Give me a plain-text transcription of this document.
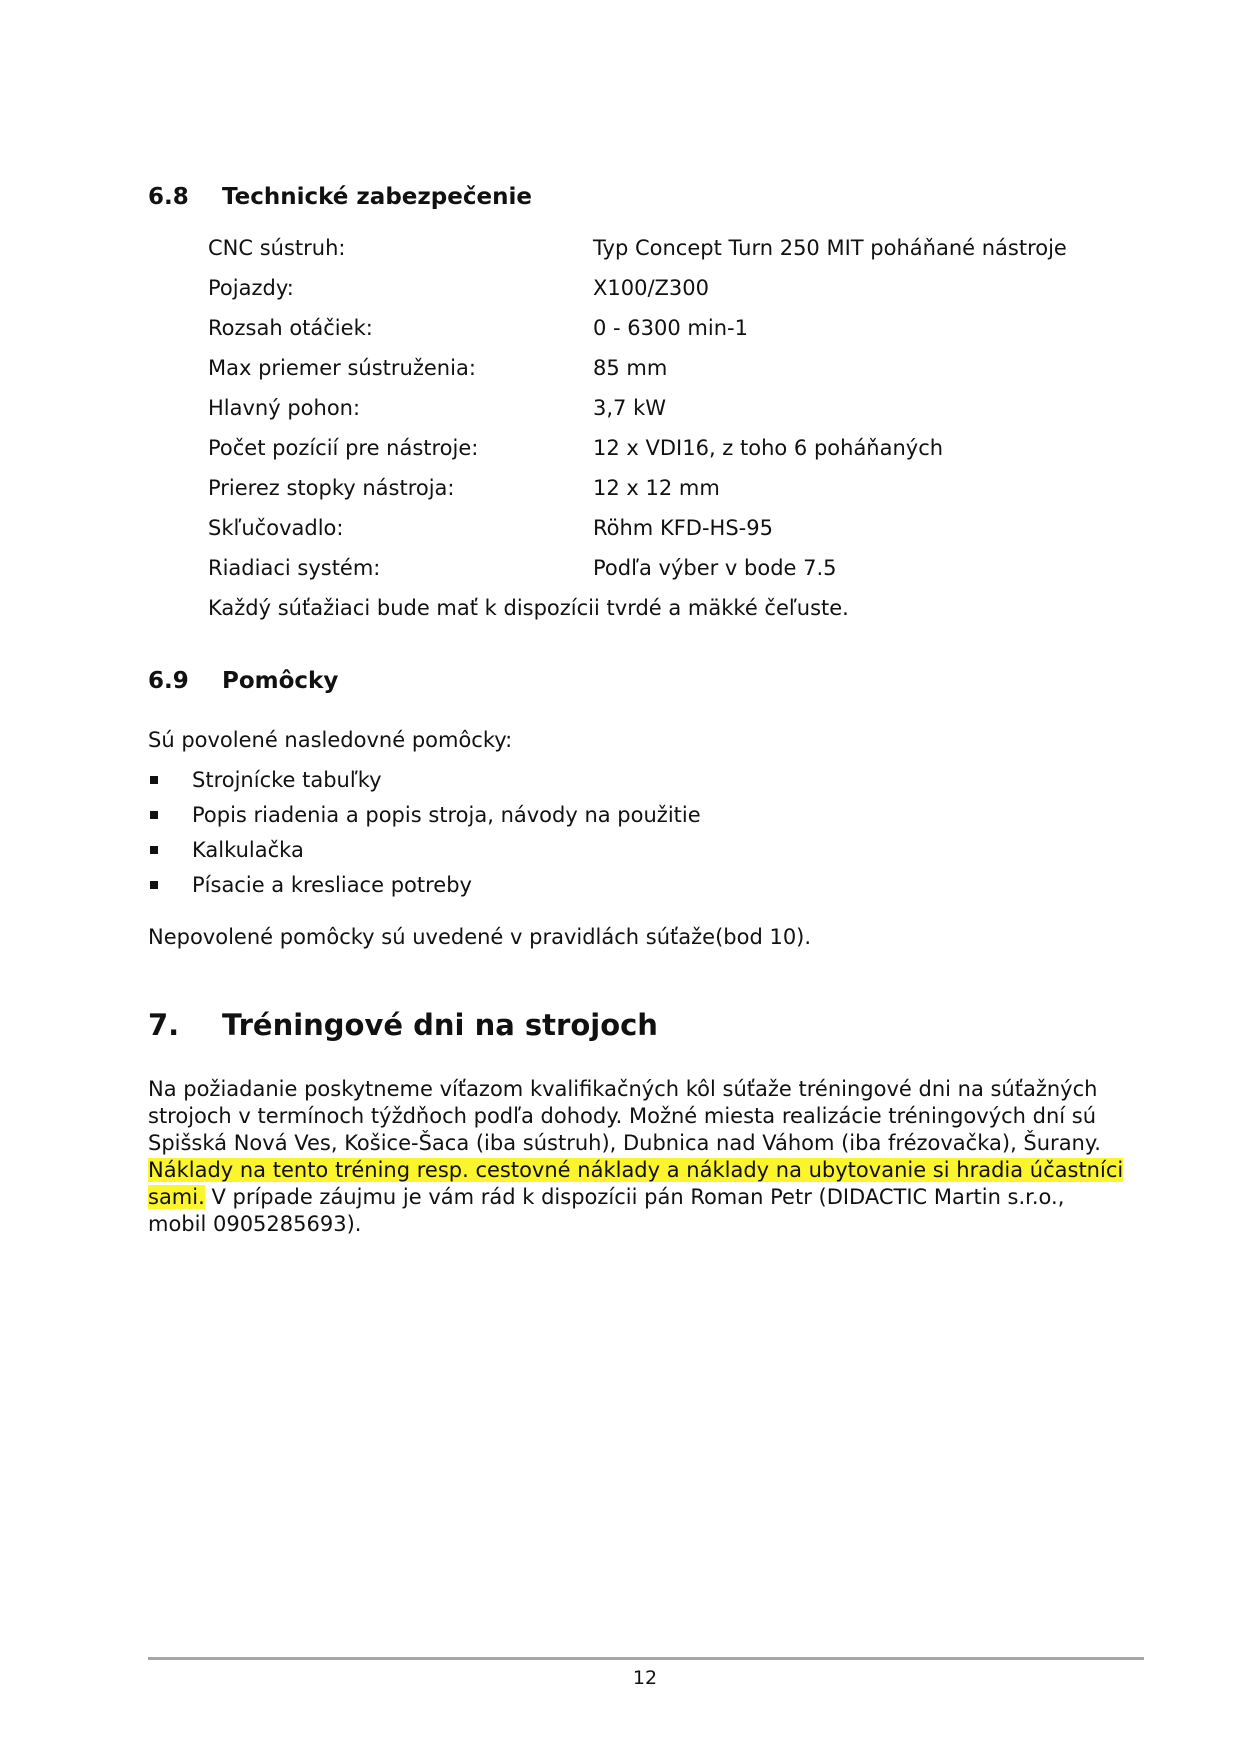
6.8 Technické zabezpečenie
CNC sústruh:	Typ Concept Turn 250 MIT poháňané nástroje
Pojazdy:	X100/Z300
Rozsah otáčiek:	0 - 6300 min-1
Max priemer sústruženia:	85 mm
Hlavný pohon:	3,7 kW
Počet pozícií pre nástroje:	12 x VDI16, z toho 6 poháňaných
Prierez stopky nástroja:	12 x 12 mm
Skľučovadlo:	Röhm KFD-HS-95
Riadiaci systém:	Podľa výber v bode 7.5
Každý súťažiaci bude mať k dispozícii tvrdé a mäkké čeľuste.
6.9 Pomôcky
Sú povolené nasledovné pomôcky:
Strojnícke tabuľky
Popis riadenia a popis stroja, návody na použitie
Kalkulačka
Písacie a kresliace potreby
Nepovolené pomôcky sú uvedené v pravidlách súťaže(bod 10).
7. Tréningové dni na strojoch
Na požiadanie poskytneme víťazom kvalifikačných kôl súťaže tréningové dni na súťažných
strojoch v termínoch týždňoch podľa dohody. Možné miesta realizácie tréningových dní sú
Spišská Nová Ves, Košice-Šaca (iba sústruh), Dubnica nad Váhom (iba frézovačka), Šurany.
Náklady na tento tréning resp. cestovné náklady a náklady na ubytovanie si hradia účastníci
sami. V prípade záujmu je vám rád k dispozícii pán Roman Petr (DIDACTIC Martin s.r.o.,
mobil 0905285693).
12
